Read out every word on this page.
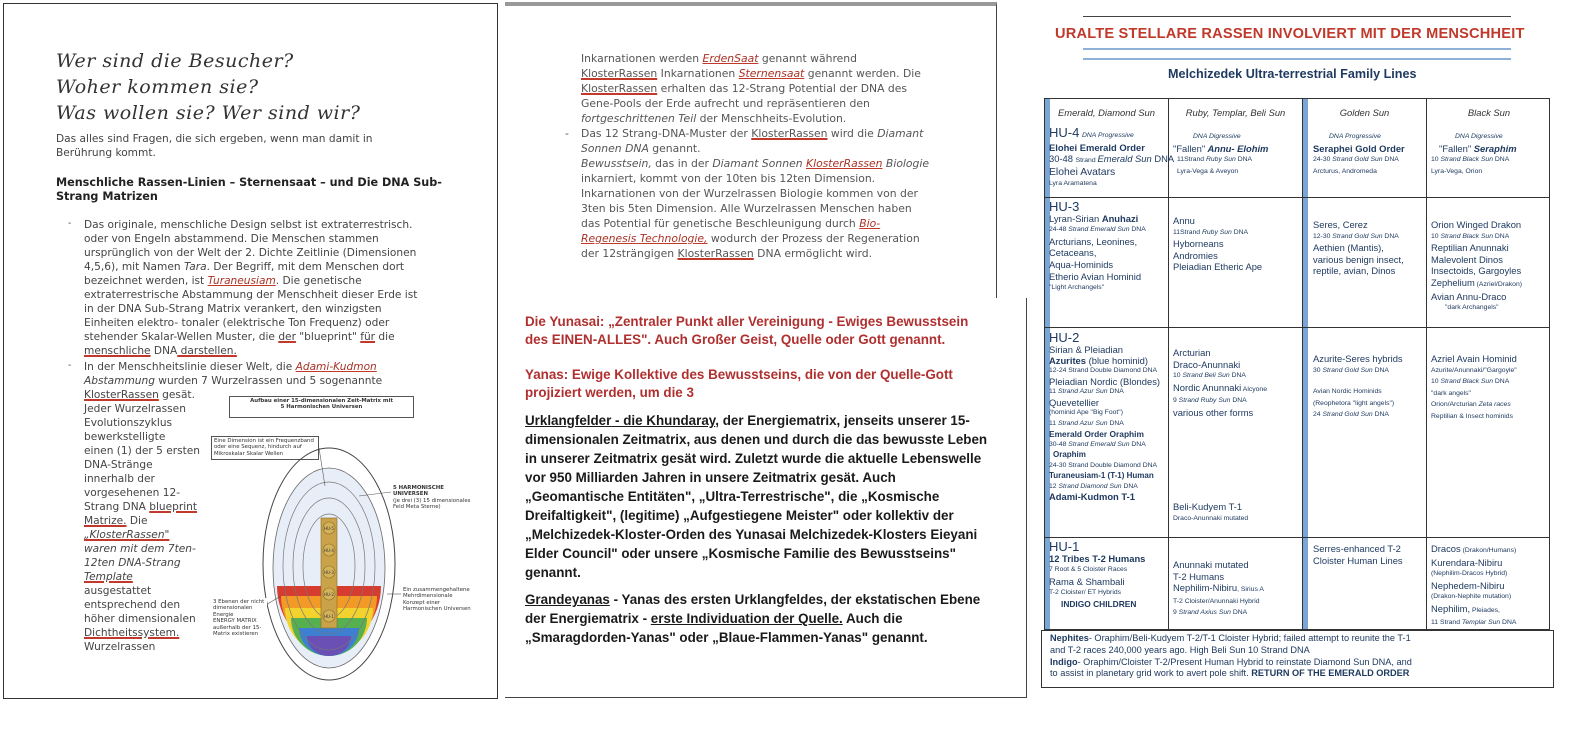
Wer sind die Besucher?
Woher kommen sie?
Was wollen sie? Wer sind wir?
Das alles sind Fragen, die sich ergeben, wenn man damit in
Berührung kommt.
Menschliche Rassen-Linien – Sternensaat – und Die DNA Sub-
Strang Matrizen
- Das originale, menschliche Design selbst ist extraterrestrisch.
oder von Engeln abstammend. Die Menschen stammen
ursprünglich von der Welt der 2. Dichte Zeitlinie (Dimensionen
4,5,6), mit Namen Tara. Der Begriff, mit dem Menschen dort
bezeichnet werden, ist Turaneusiam. Die genetische
extraterrestrische Abstammung der Menschheit dieser Erde ist
in der DNA Sub-Strang Matrix verankert, den winzigsten
Einheiten elektro- tonaler (elektrische Ton Frequenz) oder
stehender Skalar-Wellen Muster, die der "blueprint" für die
menschliche DNA darstellen.
- In der Menschheitslinie dieser Welt, die Adami-Kudmon
Abstammung wurden 7 Wurzelrassen und 5 sogenannte
KlosterRassen gesät.
Jeder Wurzelrassen
Evolutionszyklus
bewerkstelligte
einen (1) der 5 ersten
DNA-Stränge
innerhalb der
vorgesehenen 12-
Strang DNA blueprint
Matrize. Die
„KlosterRassen"
waren mit dem 7ten-
12ten DNA-Strang
Template
ausgestattet
entsprechend den
höher dimensionalen
Dichtheitssystem.
Wurzelrassen
Aufbau einer 15-dimensionalen Zeit-Matrix mit
5 Harmonischen Universen
Eine Dimension ist ein Frequenzband
oder eine Sequenz, hindurch auf
Mikroskalar Skalar Wellen
HU-5
HU-4
HU-3
HU-2
HU-1
5 HARMONISCHE UNIVERSEN
(je drei (3) 15 dimensionales
Feld Meta Sterne)
3 Ebenen der nicht
dimensionalen Energie
ENERGY MATRIX
außerhalb der 15-
Matrix existieren
Ein zusammengehaltene
Mehrdimensionale
Konzept einer
Harmonischen Universen
Inkarnationen werden ErdenSaat genannt während
KlosterRassen Inkarnationen Sternensaat genannt werden. Die
KlosterRassen erhalten das 12-Strang Potential der DNA des
Gene-Pools der Erde aufrecht und repräsentieren den
fortgeschrittenen Teil der Menschheits-Evolution.
- Das 12 Strang-DNA-Muster der KlosterRassen wird die Diamant
Sonnen DNA genannt.
Bewusstsein, das in der Diamant Sonnen KlosterRassen Biologie
inkarniert, kommt von der 10ten bis 12ten Dimension.
Inkarnationen von der Wurzelrassen Biologie kommen von der
3ten bis 5ten Dimension. Alle Wurzelrassen Menschen haben
das Potential für genetische Beschleunigung durch Bio-
Regenesis Technologie, wodurch der Prozess der Regeneration
der 12strängigen KlosterRassen DNA ermöglicht wird.
Die Yunasai: „Zentraler Punkt aller Vereinigung - Ewiges Bewusstsein
des EINEN-ALLES". Auch Großer Geist, Quelle oder Gott genannt.
Yanas: Ewige Kollektive des Bewusstseins, die von der Quelle-Gott
projiziert werden, um die 3
Urklangfelder - die Khundaray, der Energiematrix, jenseits unserer 15-
dimensionalen Zeitmatrix, aus denen und durch die das bewusste Leben
in unserer Zeitmatrix gesät wird. Zuletzt wurde die aktuelle Lebenswelle
vor 950 Milliarden Jahren in unsere Zeitmatrix gesät. Auch
„Geomantische Entitäten", „Ultra-Terrestrische", die „Kosmische
Dreifaltigkeit", (legitime) „Aufgestiegene Meister" oder kollektiv der
„Melchizedek-Kloster-Orden des Yunasai Melchizedek-Klosters Eieyani
Elder Council" oder unsere „Kosmische Familie des Bewusstseins"
genannt.
Grandeyanas - Yanas des ersten Urklangfeldes, der ekstatischen Ebene
der Energiematrix - erste Individuation der Quelle. Auch die
„Smaragdorden-Yanas" oder „Blaue-Flammen-Yanas" genannt.
URALTE STELLARE RASSEN INVOLVIERT MIT DER MENSCHHEIT
Melchizedek Ultra-terrestrial Family Lines
Emerald, Diamond Sun
HU-4 DNA Progressive
Elohei Emerald Order
30-48 Strand Emerald Sun DNA
Elohei Avatars
Lyra Aramatena
HU-3
Lyran-Sirian Anuhazi
24-48 Strand Emerald Sun DNA
Arcturians, Leonines,
Cetaceans,
Aqua-Hominids
Etherio Avian Hominid
"Light Archangels"
HU-2
Sirian & Pleiadian
Azurites (blue hominid)
12-24 Strand Double Diamond DNA
Pleiadian Nordic (Blondes)
11 Strand Azur Sun DNA
Quevetellier
(hominid Ape "Big Foot")
11 Strand Azur Sun DNA
Emerald Order Oraphim
30-48 Strand Emerald Sun DNA
Oraphim
24-30 Strand Double Diamond DNA
Turaneusiam-1 (T-1) Human
12 Strand Diamond Sun DNA
Adami-Kudmon T-1
HU-1
12 Tribes T-2 Humans
7 Root & 5 Cloister Races
Rama & Shambali
T-2 Cloister/ ET Hybrids
INDIGO CHILDREN
Ruby, Templar, Beli Sun
DNA Digressive
"Fallen" Annu- Elohim
11Strand Ruby Sun DNA
Lyra-Vega & Aveyon
Annu
11Strand Ruby Sun DNA
Hyborneans
Andromies
Pleiadian Etheric Ape
Arcturian
Draco-Anunnaki
10 Strand Beli Sun DNA
Nordic Anunnaki Alcyone
9 Strand Ruby Sun DNA
various other forms
Beli-Kudyem T-1
Draco-Anunnaki mutated
Anunnaki mutated
T-2 Humans
Nephilim-Nibiru, Sirius A
T-2 Cloister/Anunnaki Hybrid
9 Strand Axius Sun DNA
Golden Sun
DNA Progressive
Seraphei Gold Order
24-30 Strand Gold Sun DNA
Arcturus, Andromeda
Seres, Cerez
12-30 Strand Gold Sun DNA
Aethien (Mantis),
various benign insect,
reptile, avian, Dinos
Azurite-Seres hybrids
30 Strand Gold Sun DNA
Avian Nordic Hominids
(Reophetora "light angels")
24 Strand Gold Sun DNA
Serres-enhanced T-2
Cloister Human Lines
Black Sun
DNA Digressive
"Fallen" Seraphim
10 Strand Black Sun DNA
Lyra-Vega, Orion
Orion Winged Drakon
10 Strand Black Sun DNA
Reptilian Anunnaki
Malevolent Dinos
Insectoids, Gargoyles
Zephelium (Azriel/Drakon)
Avian Annu-Draco
"dark Archangels"
Azriel Avain Hominid
Azurite/Anunnaki/"Gargoyle"
10 Strand Black Sun DNA
"dark angels"
Orion/Arcturian Zeta races
Reptilian & Insect hominids
Dracos (Drakon/Humans)
Kurendara-Nibiru
(Nephilim-Dracos Hybrid)
Nephedem-Nibiru
(Drakon-Nephite mutation)
Nephilim, Pleiades,
11 Strand Templar Sun DNA
Nephites- Oraphim/Beli-Kudyem T-2/T-1 Cloister Hybrid; failed attempt to reunite the T-1
and T-2 races 240,000 years ago. High Beli Sun 10 Strand DNA
Indigo- Oraphim/Cloister T-2/Present Human Hybrid to reinstate Diamond Sun DNA, and
to assist in planetary grid work to avert pole shift. RETURN OF THE EMERALD ORDER
